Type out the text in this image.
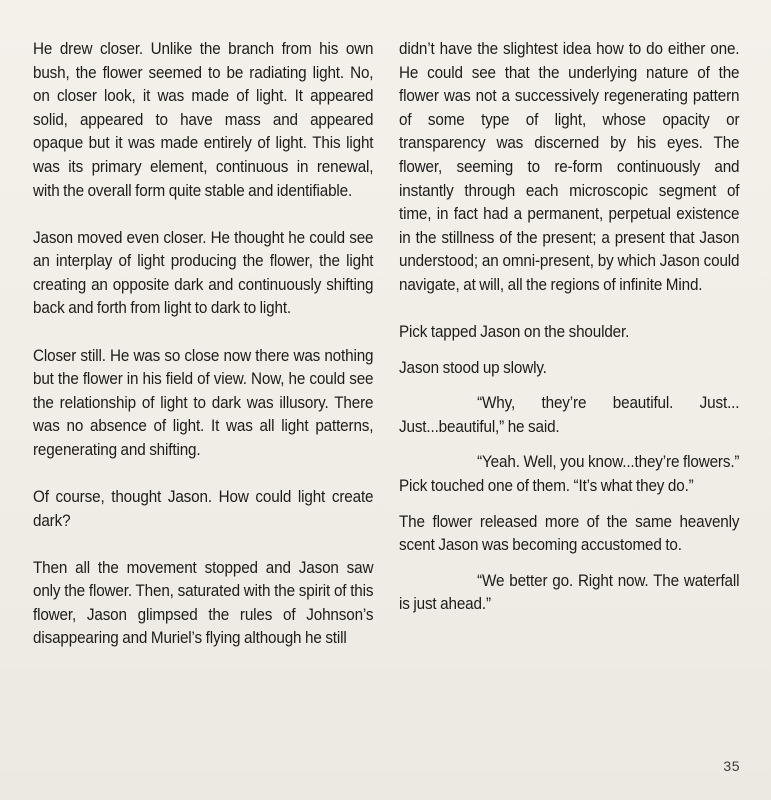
He drew closer. Unlike the branch from his own bush, the flower seemed to be radiating light. No, on closer look, it was made of light. It appeared solid, appeared to have mass and appeared opaque but it was made entirely of light. This light was its primary element, continuous in renewal, with the overall form quite stable and identifiable.

Jason moved even closer. He thought he could see an interplay of light producing the flower, the light creating an opposite dark and continuously shifting back and forth from light to dark to light.

Closer still. He was so close now there was nothing but the flower in his field of view. Now, he could see the relationship of light to dark was illusory. There was no absence of light. It was all light patterns, regenerating and shifting.

Of course, thought Jason. How could light create dark?

Then all the movement stopped and Jason saw only the flower. Then, saturated with the spirit of this flower, Jason glimpsed the rules of Johnson’s disappearing and Muriel’s flying although he still

didn’t have the slightest idea how to do either one. He could see that the underlying nature of the flower was not a successively regenerating pattern of some type of light, whose opacity or transparency was discerned by his eyes. The flower, seeming to re-form continuously and instantly through each microscopic segment of time, in fact had a permanent, perpetual existence in the stillness of the present; a present that Jason understood; an omni-present, by which Jason could navigate, at will, all the regions of infinite Mind.

Pick tapped Jason on the shoulder.

Jason stood up slowly.

“Why, they’re beautiful. Just... Just...beautiful,” he said.

“Yeah. Well, you know...they’re flowers.” Pick touched one of them. “It’s what they do.”

The flower released more of the same heavenly scent Jason was becoming accustomed to.

“We better go. Right now. The waterfall is just ahead.”

35
